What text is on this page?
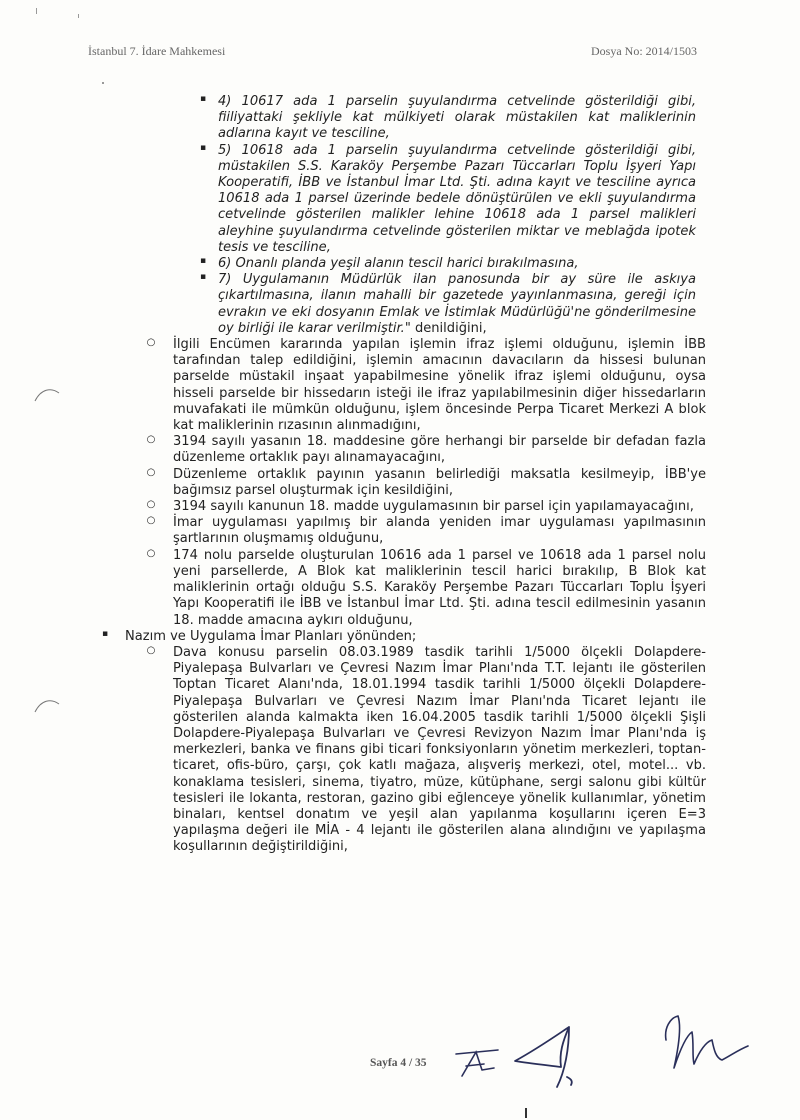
İstanbul 7. İdare Mahkemesi	Dosya No: 2014/1503
▪ 4) 10617 ada 1 parselin şuyulandırma cetvelinde gösterildiği gibi, fiiliyattaki şekliyle kat mülkiyeti olarak müstakilen kat maliklerinin adlarına kayıt ve tesciline,
▪ 5) 10618 ada 1 parselin şuyulandırma cetvelinde gösterildiği gibi, müstakilen S.S. Karaköy Perşembe Pazarı Tüccarları Toplu İşyeri Yapı Kooperatifi, İBB ve İstanbul İmar Ltd. Şti. adına kayıt ve tesciline ayrıca 10618 ada 1 parsel üzerinde bedele dönüştürülen ve ekli şuyulandırma cetvelinde gösterilen malikler lehine 10618 ada 1 parsel malikleri aleyhine şuyulandırma cetvelinde gösterilen miktar ve meblağda ipotek tesis ve tesciline,
▪ 6) Onanlı planda yeşil alanın tescil harici bırakılmasına,
▪ 7) Uygulamanın Müdürlük ilan panosunda bir ay süre ile askıya çıkartılmasına, ilanın mahalli bir gazetede yayınlanmasına, gereği için evrakın ve eki dosyanın Emlak ve İstimlak Müdürlüğü'ne gönderilmesine oy birliği ile karar verilmiştir." denildiğini,
○ İlgili Encümen kararında yapılan işlemin ifraz işlemi olduğunu, işlemin İBB tarafından talep edildiğini, işlemin amacının davacıların da hissesi bulunan parselde müstakil inşaat yapabilmesine yönelik ifraz işlemi olduğunu, oysa hisseli parselde bir hissedarın isteği ile ifraz yapılabilmesinin diğer hissedarların muvafakati ile mümkün olduğunu, işlem öncesinde Perpa Ticaret Merkezi A blok kat maliklerinin rızasının alınmadığını,
○ 3194 sayılı yasanın 18. maddesine göre herhangi bir parselde bir defadan fazla düzenleme ortaklık payı alınamayacağını,
○ Düzenleme ortaklık payının yasanın belirlediği maksatla kesilmeyip, İBB'ye bağımsız parsel oluşturmak için kesildiğini,
○ 3194 sayılı kanunun 18. madde uygulamasının bir parsel için yapılamayacağını,
○ İmar uygulaması yapılmış bir alanda yeniden imar uygulaması yapılmasının şartlarının oluşmamış olduğunu,
○ 174 nolu parselde oluşturulan 10616 ada 1 parsel ve 10618 ada 1 parsel nolu yeni parsellerde, A Blok kat maliklerinin tescil harici bırakılıp, B Blok kat maliklerinin ortağı olduğu S.S. Karaköy Perşembe Pazarı Tüccarları Toplu İşyeri Yapı Kooperatifi ile İBB ve İstanbul İmar Ltd. Şti. adına tescil edilmesinin yasanın 18. madde amacına aykırı olduğunu,
▪	Nazım ve Uygulama İmar Planları yönünden;
○ Dava konusu parselin 08.03.1989 tasdik tarihli 1/5000 ölçekli Dolapdere-Piyalepaşa Bulvarları ve Çevresi Nazım İmar Planı'nda T.T. lejantı ile gösterilen Toptan Ticaret Alanı'nda, 18.01.1994 tasdik tarihli 1/5000 ölçekli Dolapdere-Piyalepaşa Bulvarları ve Çevresi Nazım İmar Planı'nda Ticaret lejantı ile gösterilen alanda kalmakta iken 16.04.2005 tasdik tarihli 1/5000 ölçekli Şişli Dolapdere-Piyalepaşa Bulvarları ve Çevresi Revizyon Nazım İmar Planı'nda iş merkezleri, banka ve finans gibi ticari fonksiyonların yönetim merkezleri, toptan-ticaret, ofis-büro, çarşı, çok katlı mağaza, alışveriş merkezi, otel, motel... vb. konaklama tesisleri, sinema, tiyatro, müze, kütüphane, sergi salonu gibi kültür tesisleri ile lokanta, restoran, gazino gibi eğlenceye yönelik kullanımlar, yönetim binaları, kentsel donatım ve yeşil alan yapılanma koşullarını içeren E=3 yapılaşma değeri ile MİA - 4 lejantı ile gösterilen alana alındığını ve yapılaşma koşullarının değiştirildiğini,
Sayfa 4 / 35
